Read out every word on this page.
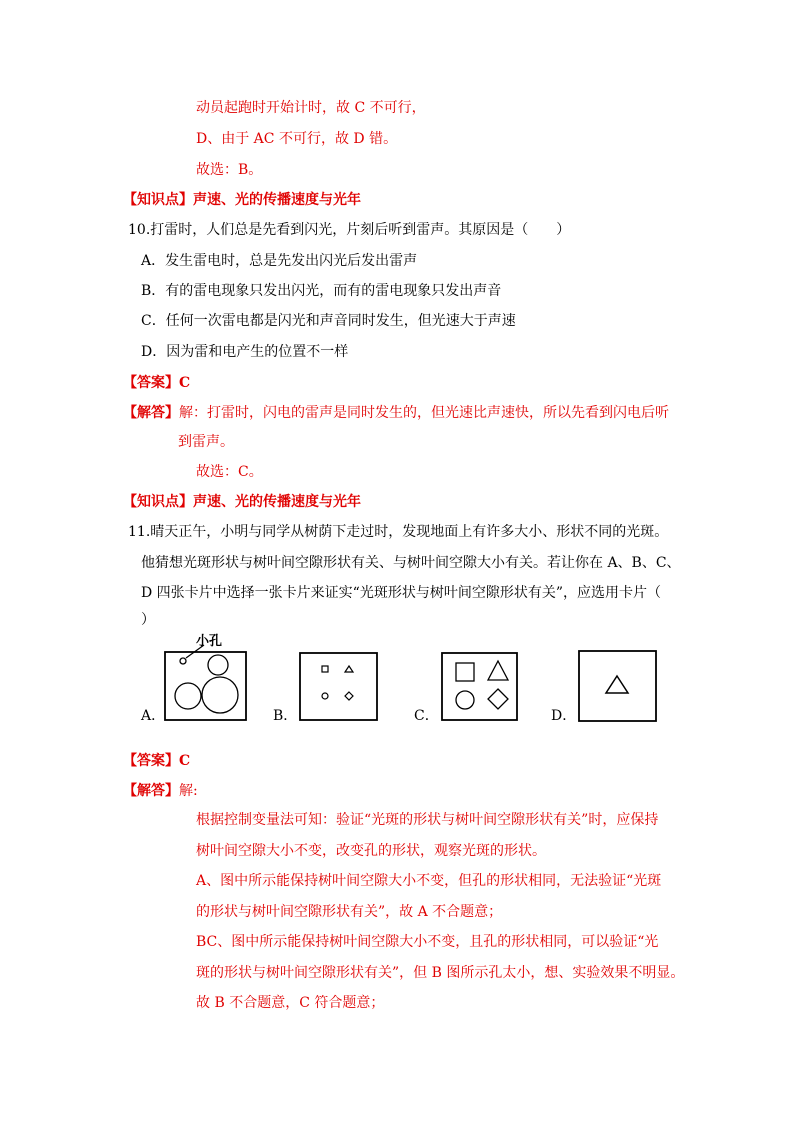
动员起跑时开始计时，故 C 不可行，
D、由于 AC 不可行，故 D 错。
故选：B。
【知识点】声速、光的传播速度与光年
10.打雷时，人们总是先看到闪光，片刻后听到雷声。其原因是（　　）
A．发生雷电时，总是先发出闪光后发出雷声
B．有的雷电现象只发出闪光，而有的雷电现象只发出声音
C．任何一次雷电都是闪光和声音同时发生，但光速大于声速
D．因为雷和电产生的位置不一样
【答案】C
【解答】解：打雷时，闪电的雷声是同时发生的，但光速比声速快，所以先看到闪电后听
到雷声。
故选：C。
【知识点】声速、光的传播速度与光年
11.晴天正午，小明与同学从树荫下走过时，发现地面上有许多大小、形状不同的光斑。
他猜想光斑形状与树叶间空隙形状有关、与树叶间空隙大小有关。若让你在 A、B、C、
D 四张卡片中选择一张卡片来证实“光斑形状与树叶间空隙形状有关”，应选用卡片（
）
小孔
A．	B．	C．	D．
【答案】C
【解答】解:
根据控制变量法可知：验证“光斑的形状与树叶间空隙形状有关”时，应保持
树叶间空隙大小不变，改变孔的形状，观察光斑的形状。
A、图中所示能保持树叶间空隙大小不变，但孔的形状相同，无法验证“光斑
的形状与树叶间空隙形状有关”，故 A 不合题意；
BC、图中所示能保持树叶间空隙大小不变，且孔的形状相同，可以验证“光
斑的形状与树叶间空隙形状有关”，但 B 图所示孔太小，想、实验效果不明显。
故 B 不合题意，C 符合题意；
